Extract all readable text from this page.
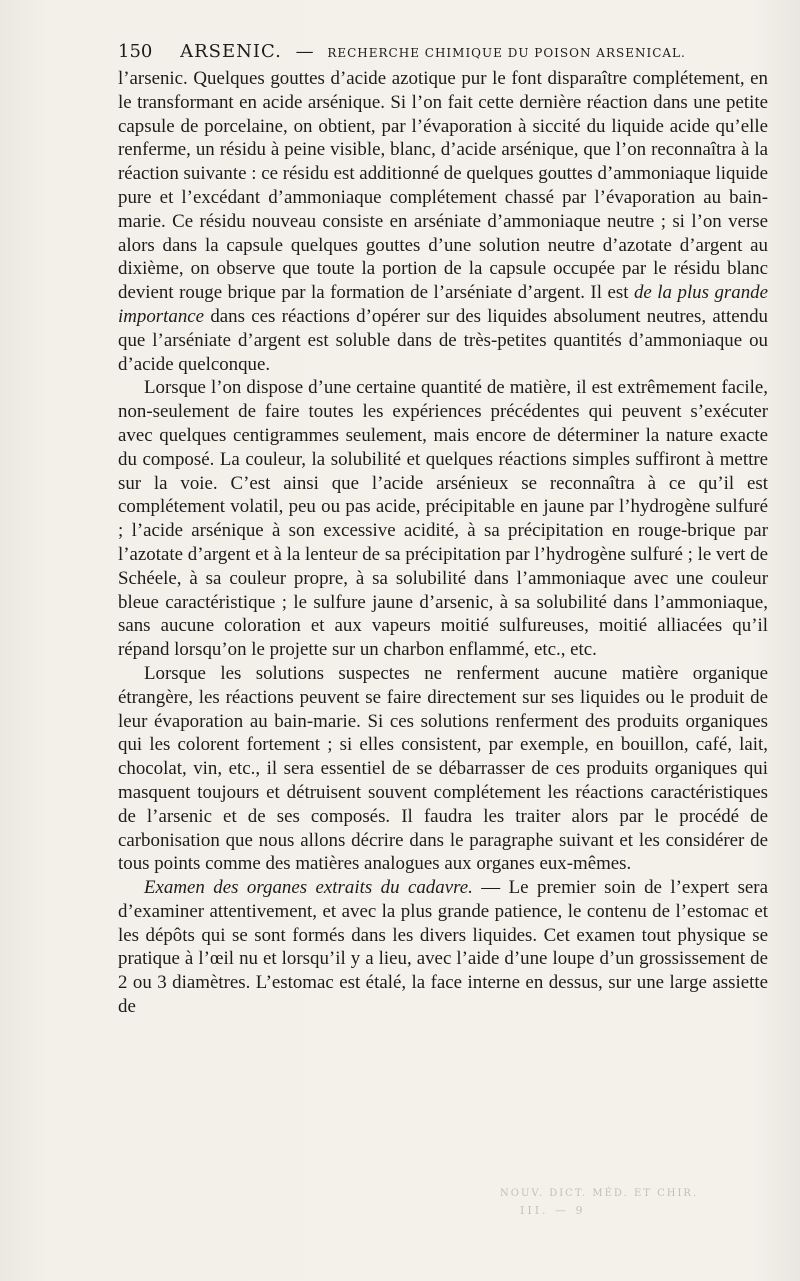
150 ARSENIC. — RECHERCHE CHIMIQUE DU POISON ARSENICAL.

l’arsenic. Quelques gouttes d’acide azotique pur le font disparaître complétement, en le transformant en acide arsénique. Si l’on fait cette dernière réaction dans une petite capsule de porcelaine, on obtient, par l’évaporation à siccité du liquide acide qu’elle renferme, un résidu à peine visible, blanc, d’acide arsénique, que l’on reconnaîtra à la réaction suivante : ce résidu est additionné de quelques gouttes d’ammoniaque liquide pure et l’excédant d’ammoniaque complétement chassé par l’évaporation au bain-marie. Ce résidu nouveau consiste en arséniate d’ammoniaque neutre ; si l’on verse alors dans la capsule quelques gouttes d’une solution neutre d’azotate d’argent au dixième, on observe que toute la portion de la capsule occupée par le résidu blanc devient rouge brique par la formation de l’arséniate d’argent. Il est de la plus grande importance dans ces réactions d’opérer sur des liquides absolument neutres, attendu que l’arséniate d’argent est soluble dans de très-petites quantités d’ammoniaque ou d’acide quelconque.

Lorsque l’on dispose d’une certaine quantité de matière, il est extrêmement facile, non-seulement de faire toutes les expériences précédentes qui peuvent s’exécuter avec quelques centigrammes seulement, mais encore de déterminer la nature exacte du composé. La couleur, la solubilité et quelques réactions simples suffiront à mettre sur la voie. C’est ainsi que l’acide arsénieux se reconnaîtra à ce qu’il est complétement volatil, peu ou pas acide, précipitable en jaune par l’hydrogène sulfuré ; l’acide arsénique à son excessive acidité, à sa précipitation en rouge-brique par l’azotate d’argent et à la lenteur de sa précipitation par l’hydrogène sulfuré ; le vert de Schéele, à sa couleur propre, à sa solubilité dans l’ammoniaque avec une couleur bleue caractéristique ; le sulfure jaune d’arsenic, à sa solubilité dans l’ammoniaque, sans aucune coloration et aux vapeurs moitié sulfureuses, moitié alliacées qu’il répand lorsqu’on le projette sur un charbon enflammé, etc., etc.

Lorsque les solutions suspectes ne renferment aucune matière organique étrangère, les réactions peuvent se faire directement sur ses liquides ou le produit de leur évaporation au bain-marie. Si ces solutions renferment des produits organiques qui les colorent fortement ; si elles consistent, par exemple, en bouillon, café, lait, chocolat, vin, etc., il sera essentiel de se débarrasser de ces produits organiques qui masquent toujours et détruisent souvent complétement les réactions caractéristiques de l’arsenic et de ses composés. Il faudra les traiter alors par le procédé de carbonisation que nous allons décrire dans le paragraphe suivant et les considérer de tous points comme des matières analogues aux organes eux-mêmes.

Examen des organes extraits du cadavre. — Le premier soin de l’expert sera d’examiner attentivement, et avec la plus grande patience, le contenu de l’estomac et les dépôts qui se sont formés dans les divers liquides. Cet examen tout physique se pratique à l’œil nu et lorsqu’il y a lieu, avec l’aide d’une loupe d’un grossissement de 2 ou 3 diamètres. L’estomac est étalé, la face interne en dessus, sur une large assiette de

NOUV. DICT. MÉD. ET CHIR.
III. — 9
